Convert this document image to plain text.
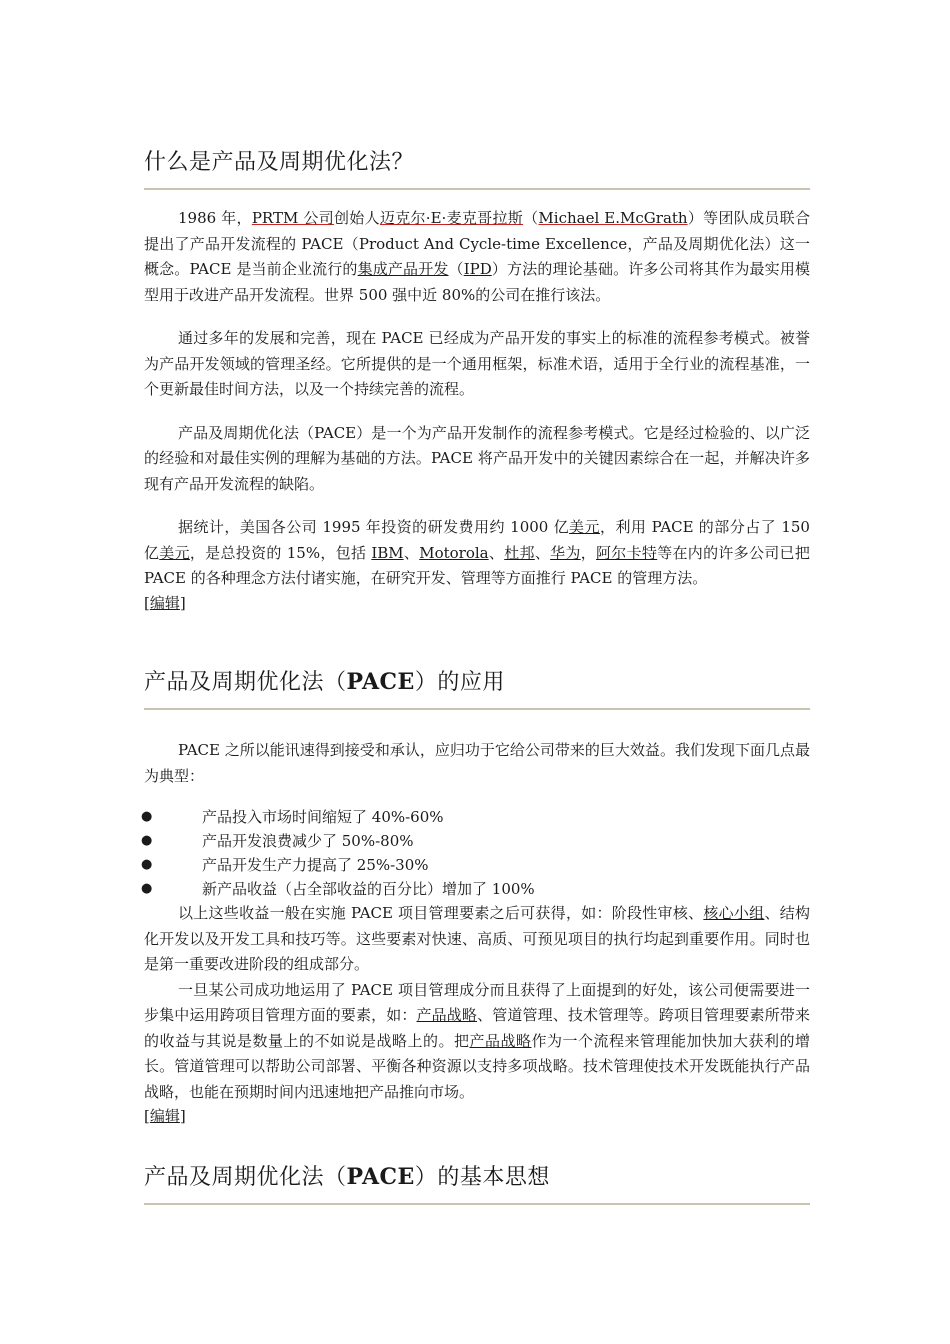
什么是产品及周期优化法？

1986 年，PRTM 公司创始人迈克尔·E·麦克哥拉斯（Michael E.McGrath）等团队成员联合提出了产品开发流程的 PACE（Product And Cycle-time Excellence，产品及周期优化法）这一概念。PACE 是当前企业流行的集成产品开发（IPD）方法的理论基础。许多公司将其作为最实用模型用于改进产品开发流程。世界 500 强中近 80%的公司在推行该法。

通过多年的发展和完善，现在 PACE 已经成为产品开发的事实上的标准的流程参考模式。被誉为产品开发领域的管理圣经。它所提供的是一个通用框架，标准术语，适用于全行业的流程基准，一个更新最佳时间方法，以及一个持续完善的流程。

产品及周期优化法（PACE）是一个为产品开发制作的流程参考模式。它是经过检验的、以广泛的经验和对最佳实例的理解为基础的方法。PACE 将产品开发中的关键因素综合在一起，并解决许多现有产品开发流程的缺陷。

据统计，美国各公司 1995 年投资的研发费用约 1000 亿美元，利用 PACE 的部分占了 150 亿美元，是总投资的 15%，包括 IBM、Motorola、杜邦、华为，阿尔卡特等在内的许多公司已把 PACE 的各种理念方法付诸实施，在研究开发、管理等方面推行 PACE 的管理方法。

[编辑]
产品及周期优化法（PACE）的应用

PACE 之所以能讯速得到接受和承认，应归功于它给公司带来的巨大效益。我们发现下面几点最为典型：

●	产品投入市场时间缩短了 40%-60%
●	产品开发浪费减少了 50%-80%
●	产品开发生产力提高了 25%-30%
●	新产品收益（占全部收益的百分比）增加了 100%

以上这些收益一般在实施 PACE 项目管理要素之后可获得，如：阶段性审核、核心小组、结构化开发以及开发工具和技巧等。这些要素对快速、高质、可预见项目的执行均起到重要作用。同时也是第一重要改进阶段的组成部分。

一旦某公司成功地运用了 PACE 项目管理成分而且获得了上面提到的好处，该公司便需要进一步集中运用跨项目管理方面的要素，如：产品战略、管道管理、技术管理等。跨项目管理要素所带来的收益与其说是数量上的不如说是战略上的。把产品战略作为一个流程来管理能加快加大获利的增长。管道管理可以帮助公司部署、平衡各种资源以支持多项战略。技术管理使技术开发既能执行产品战略，也能在预期时间内迅速地把产品推向市场。

[编辑]
产品及周期优化法（PACE）的基本思想
